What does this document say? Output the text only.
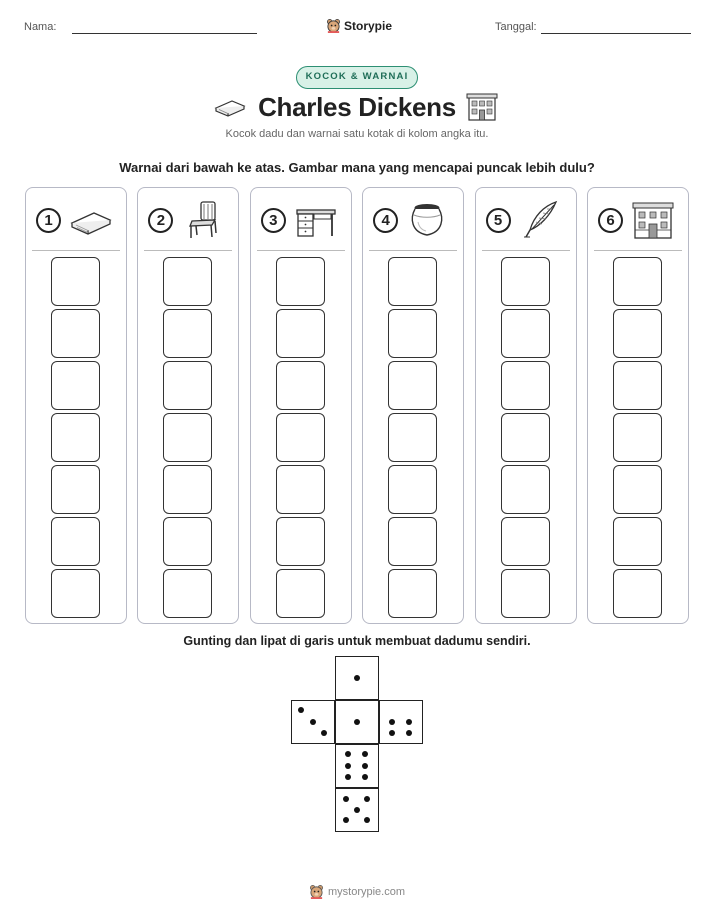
Nama:	Storypie	Tanggal:
KOCOK & WARNAI
Charles Dickens
Kocok dadu dan warnai satu kotak di kolom angka itu.
Warnai dari bawah ke atas. Gambar mana yang mencapai puncak lebih dulu?
1	2	3	4	5	6
Gunting dan lipat di garis untuk membuat dadumu sendiri.
mystorypie.com
